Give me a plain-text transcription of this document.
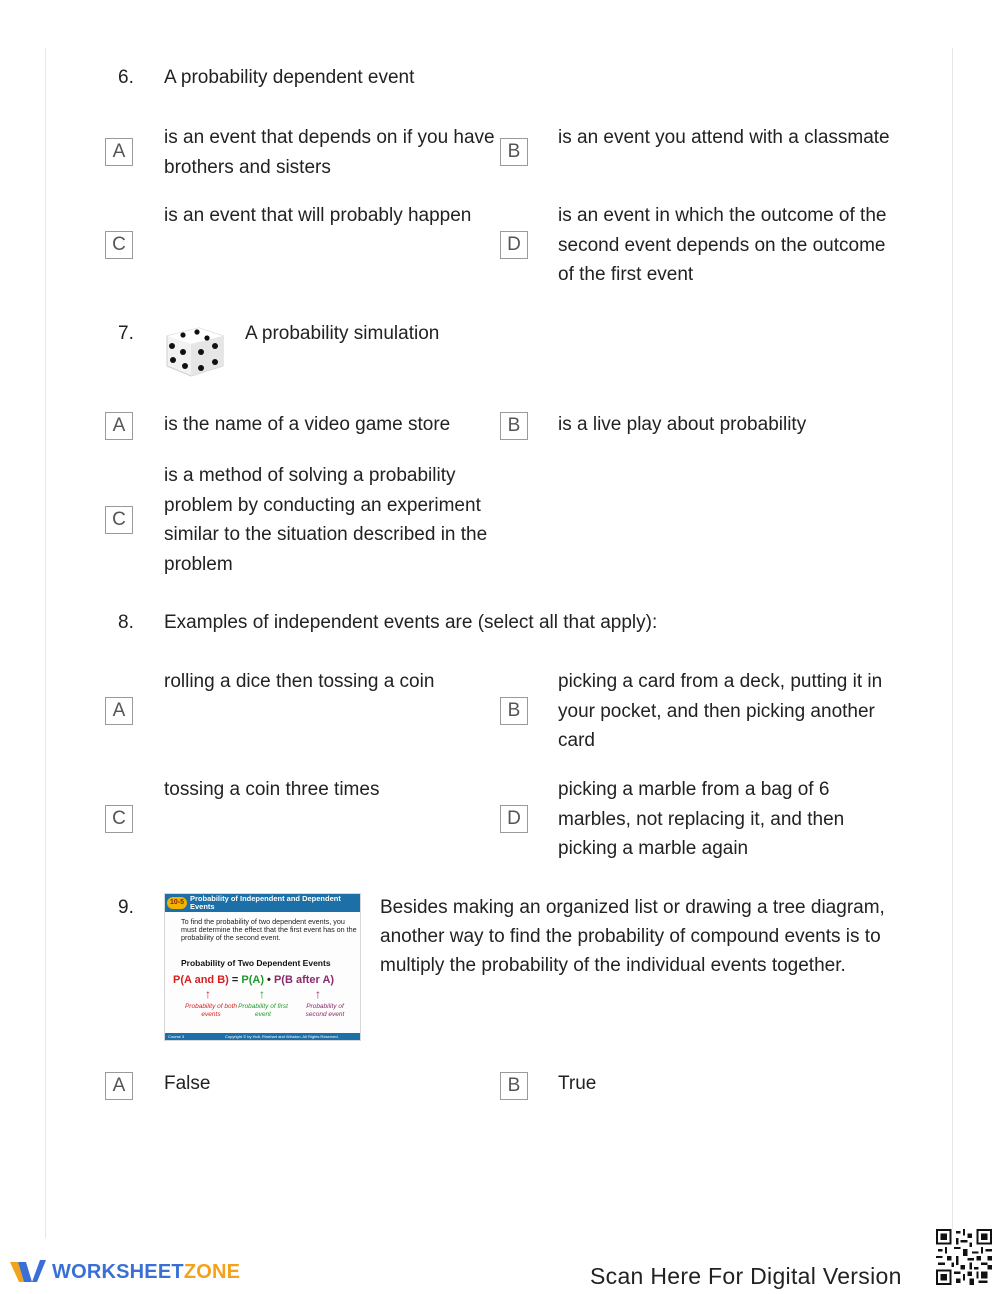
6. A probability dependent event
A
is an event that depends on if you have brothers and sisters
B
is an event you attend with a classmate
C
is an event that will probably happen
D
is an event in which the outcome of the second event depends on the outcome of the first event
7.	A probability simulation
A	is the name of a video game store	B	is a live play about probability
C
is a method of solving a probability problem by conducting an experiment similar to the situation described in the problem
8. Examples of independent events are (select all that apply):
A
rolling a dice then tossing a coin
B
picking a card from a deck, putting it in your pocket, and then picking another card
C
tossing a coin three times
D
picking a marble from a bag of 6 marbles, not replacing it, and then picking a marble again
9.	10-5 Probability of Independent and Dependent Events
To find the probability of two dependent events, you must determine the effect that the first event has on the probability of the second event.
Probability of Two Dependent Events
P(A and B) = P(A) • P(B after A)
↑	↑	↑
Probability of both events
Probability of first event
Probability of second event
Course 3	Copyright © by Holt, Rinehart and Winston. All Rights Reserved.
Besides making an organized list or drawing a tree diagram, another way to find the probability of compound events is to multiply the probability of the individual events together.
A	False	B	True
WORKSHEETZONE	Scan Here For Digital Version
